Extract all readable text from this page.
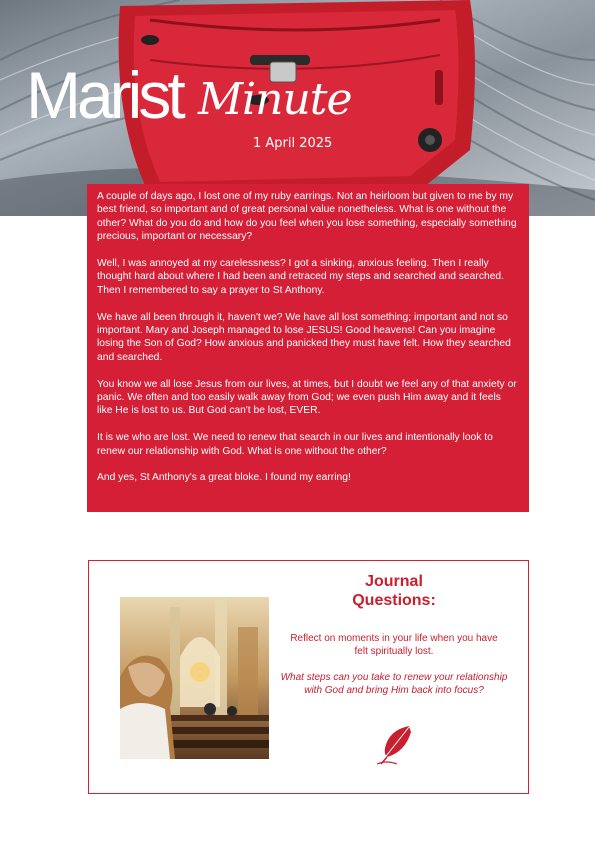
Marist Minute
1 April 2025

A couple of days ago, I lost one of my ruby earrings. Not an heirloom but given to me by my best friend, so important and of great personal value nonetheless. What is one without the other? What do you do and how do you feel when you lose something, especially something precious, important or necessary?

Well, I was annoyed at my carelessness? I got a sinking, anxious feeling. Then I really thought hard about where I had been and retraced my steps and searched and searched. Then I remembered to say a prayer to St Anthony.

We have all been through it, haven't we? We have all lost something; important and not so important. Mary and Joseph managed to lose JESUS! Good heavens! Can you imagine losing the Son of God? How anxious and panicked they must have felt. How they searched and searched.

You know we all lose Jesus from our lives, at times, but I doubt we feel any of that anxiety or panic. We often and too easily walk away from God; we even push Him away and it feels like He is lost to us. But God can't be lost, EVER.

It is we who are lost. We need to renew that search in our lives and intentionally look to renew our relationship with God. What is one without the other?

And yes, St Anthony's a great bloke. I found my earring!

Journal
Questions:
Reflect on moments in your life when you have felt spiritually lost.
What steps can you take to renew your relationship with God and bring Him back into focus?
